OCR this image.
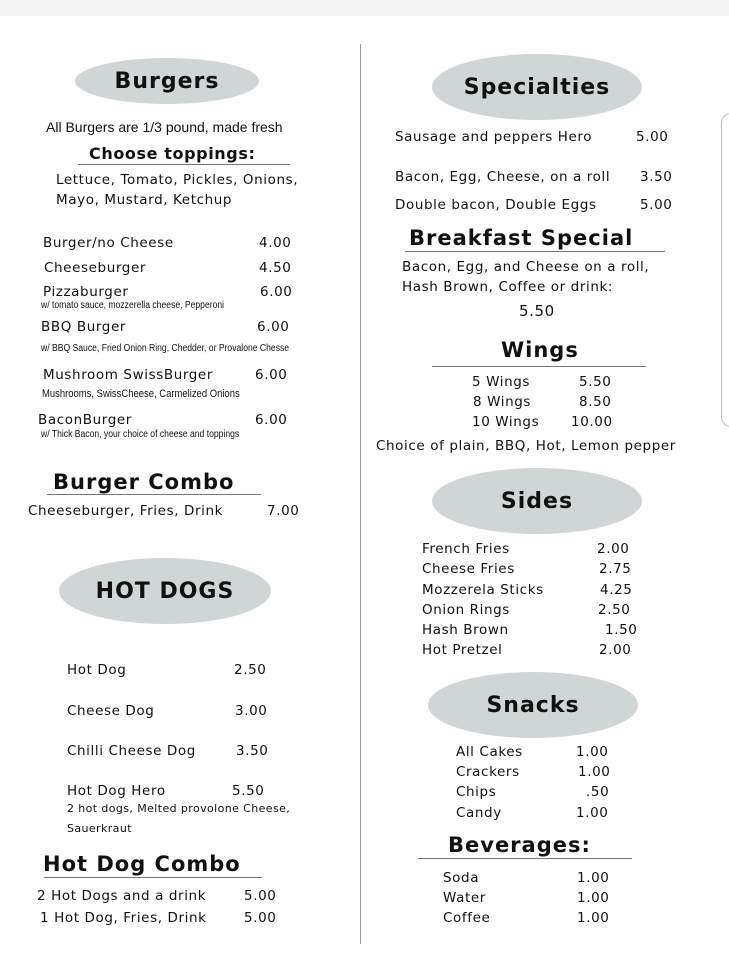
Burgers
All Burgers are 1/3 pound, made fresh
Choose toppings:
Lettuce, Tomato, Pickles, Onions,
Mayo, Mustard, Ketchup
Burger/no Cheese	4.00
Cheeseburger	4.50
Pizzaburger	6.00
w/ tomato sauce, mozzerella cheese, Pepperoni
BBQ Burger	6.00
w/ BBQ Sauce, Fried Onion Ring, Chedder, or Provalone Chesse
Mushroom SwissBurger	6.00
Mushrooms, SwissCheese, Carmelized Onions
BaconBurger	6.00
w/ Thick Bacon, your choice of cheese and toppings
Burger Combo
Cheeseburger, Fries, Drink	7.00
HOT DOGS
Hot Dog	2.50
Cheese Dog	3.00
Chilli Cheese Dog	3.50
Hot Dog Hero	5.50
2 hot dogs, Melted provolone Cheese,
Sauerkraut
Hot Dog Combo
2 Hot Dogs and a drink	5.00
1 Hot Dog, Fries, Drink	5.00
Specialties
Sausage and peppers Hero	5.00
Bacon, Egg, Cheese, on a roll 3.50
Double bacon, Double Eggs	5.00
Breakfast Special
Bacon, Egg, and Cheese on a roll,
Hash Brown, Coffee or drink:
5.50
Wings
5 Wings	5.50
8 Wings	8.50
10 Wings 10.00
Choice of plain, BBQ, Hot, Lemon pepper
Sides
French Fries	2.00
Cheese Fries	2.75
Mozzerela Sticks	4.25
Onion Rings	2.50
Hash Brown	1.50
Hot Pretzel	2.00
Snacks
All Cakes	1.00
Crackers	1.00
Chips	.50
Candy	1.00
Beverages:
Soda	1.00
Water	1.00
Coffee	1.00
